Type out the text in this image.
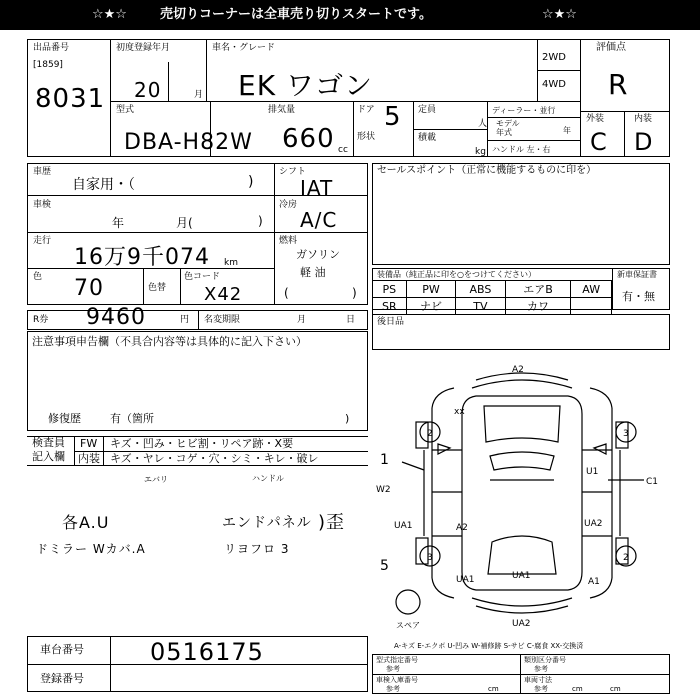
☆★☆	売切りコーナーは全車売り切りスタートです。	☆★☆
出品番号
[1859]
8031
初度登録年月
20	月
車名・グレード
EK ワゴン
2WD
4WD
評価点
R
型式
DBA-H82W
排気量
660 cc
ドア 5
形状
定員
人
積載
kg
ディーラー・並行
モデル
年式	年
ハンドル 左・右
外装	内装
C D
車歴
自家用・（	)
車検
年	月(	)
走行
16万9千074 km
色 70	色替
色コード
X42
シフト
IAT
冷房
A/C
燃料
ガソリン
軽 油
(	)
R券 9460	円 名変期限	月	日
注意事項申告欄（不具合内容等は具体的に記入下さい）
修復歴	有（箇所	)
検査員
記入欄
FW キズ・凹み・ヒビ割・リペア跡・X要
内装 キズ・ヤレ・コゲ・穴・シミ・キレ・破レ
エバリ	ハンドル
各A.U	エンドパネル )歪
ドミラー Wカバ.A	リヨフロ 3
車台番号	0516175
登録番号
セールスポイント（正常に機能するものに印を）
装備品（純正品に印を○をつけてください）	新車保証書
有・無
PS	PW	ABS	エアB	AW
SR	ナビ	TV	カワ	
後日品
A2
xx
2	3
3	2
U1
C1
W2
UA1	A2	UA2
UA1	UA1
A1
UA2
スペア
1
5
A-キズ E-エクボ U-凹み W-補修跡 S-サビ C-腐食 XX-交換済
型式指定番号
参考
類別区分番号
参考
車検入庫番号
参考	cm
車両寸法
参考	cm	cm
